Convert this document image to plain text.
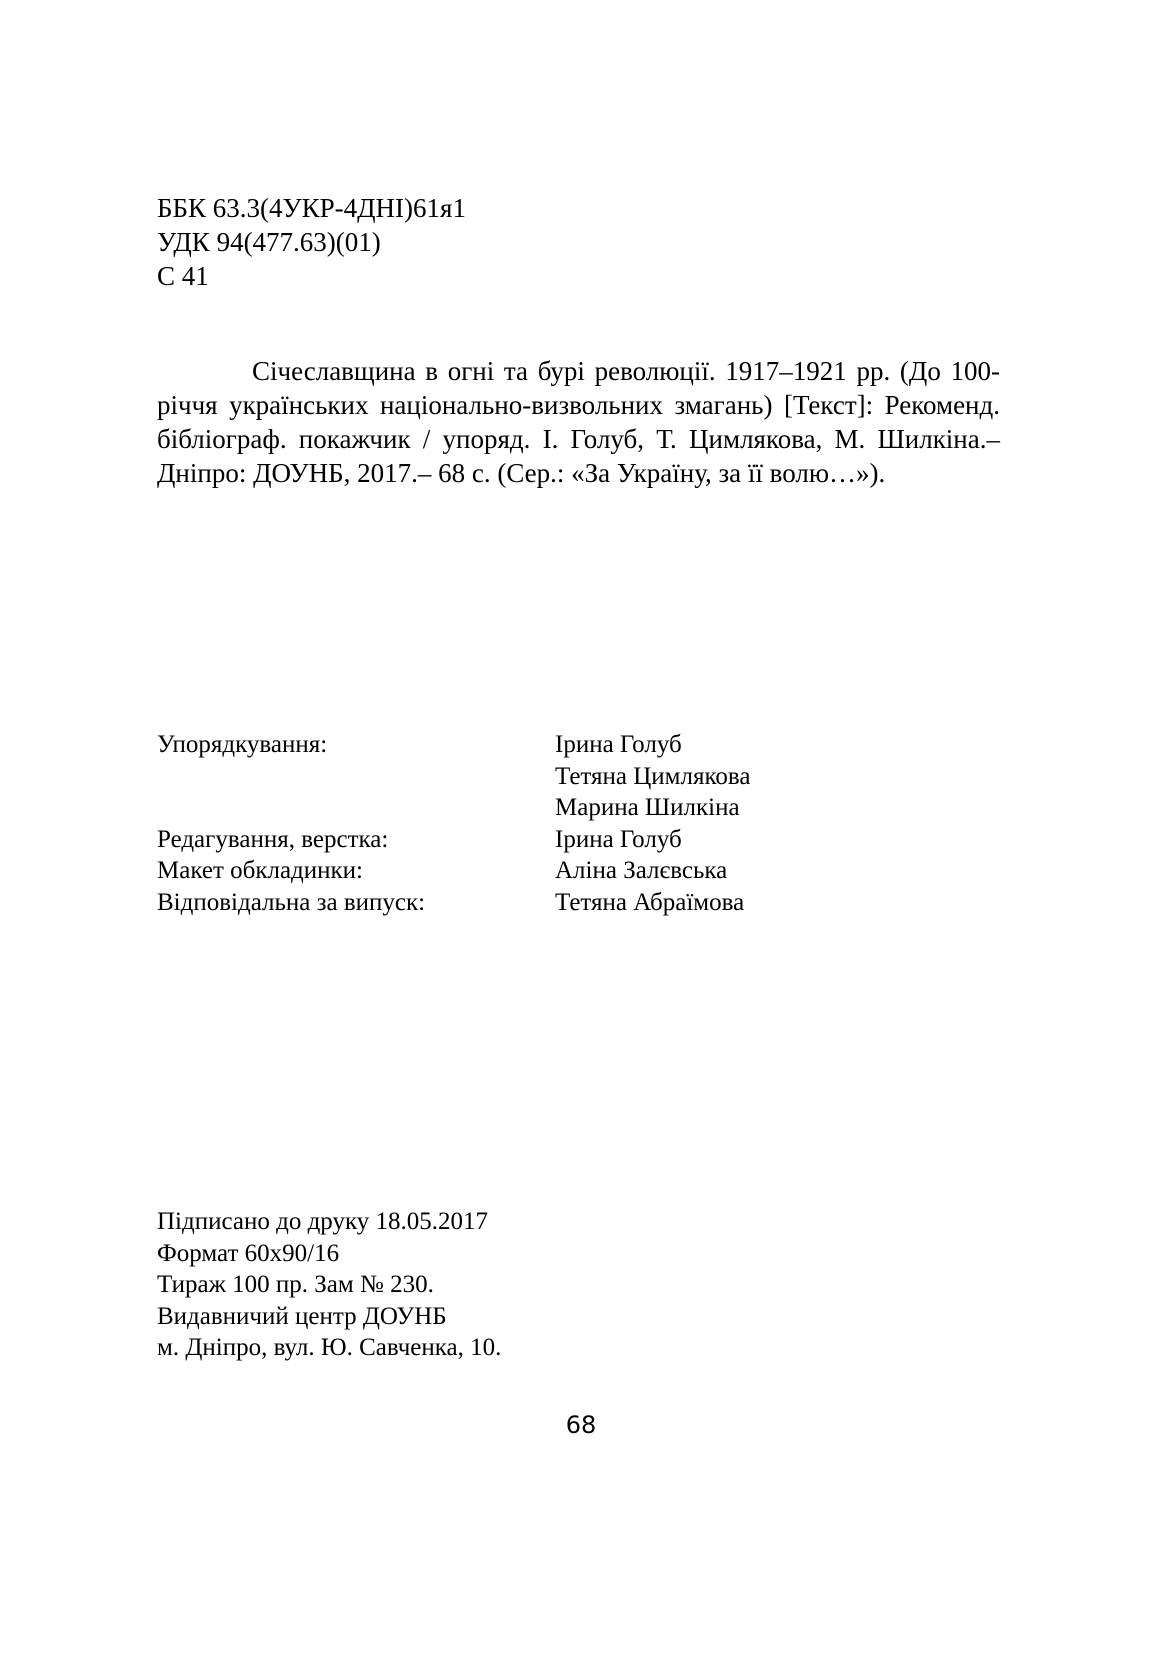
ББК 63.3(4УКР-4ДНІ)61я1
УДК 94(477.63)(01)
С 41
Січеславщина в огні та бурі революції. 1917–1921 рр. (До 100-річчя українських національно-визвольних змагань) [Текст]: Рекоменд. бібліограф. покажчик / упоряд. І. Голуб, Т. Цимлякова, М. Шилкіна.– Дніпро: ДОУНБ, 2017.– 68 с. (Сер.: «За Україну, за її волю…»).
Упорядкування:	Ірина Голуб
Тетяна Цимлякова
Марина Шилкіна
Редагування, верстка:	Ірина Голуб
Макет обкладинки:	Аліна Залєвська
Відповідальна за випуск:	Тетяна Абраїмова
Підписано до друку 18.05.2017
Формат 60х90/16
Тираж 100 пр. Зам № 230.
Видавничий центр ДОУНБ
м. Дніпро, вул. Ю. Савченка, 10.
68
